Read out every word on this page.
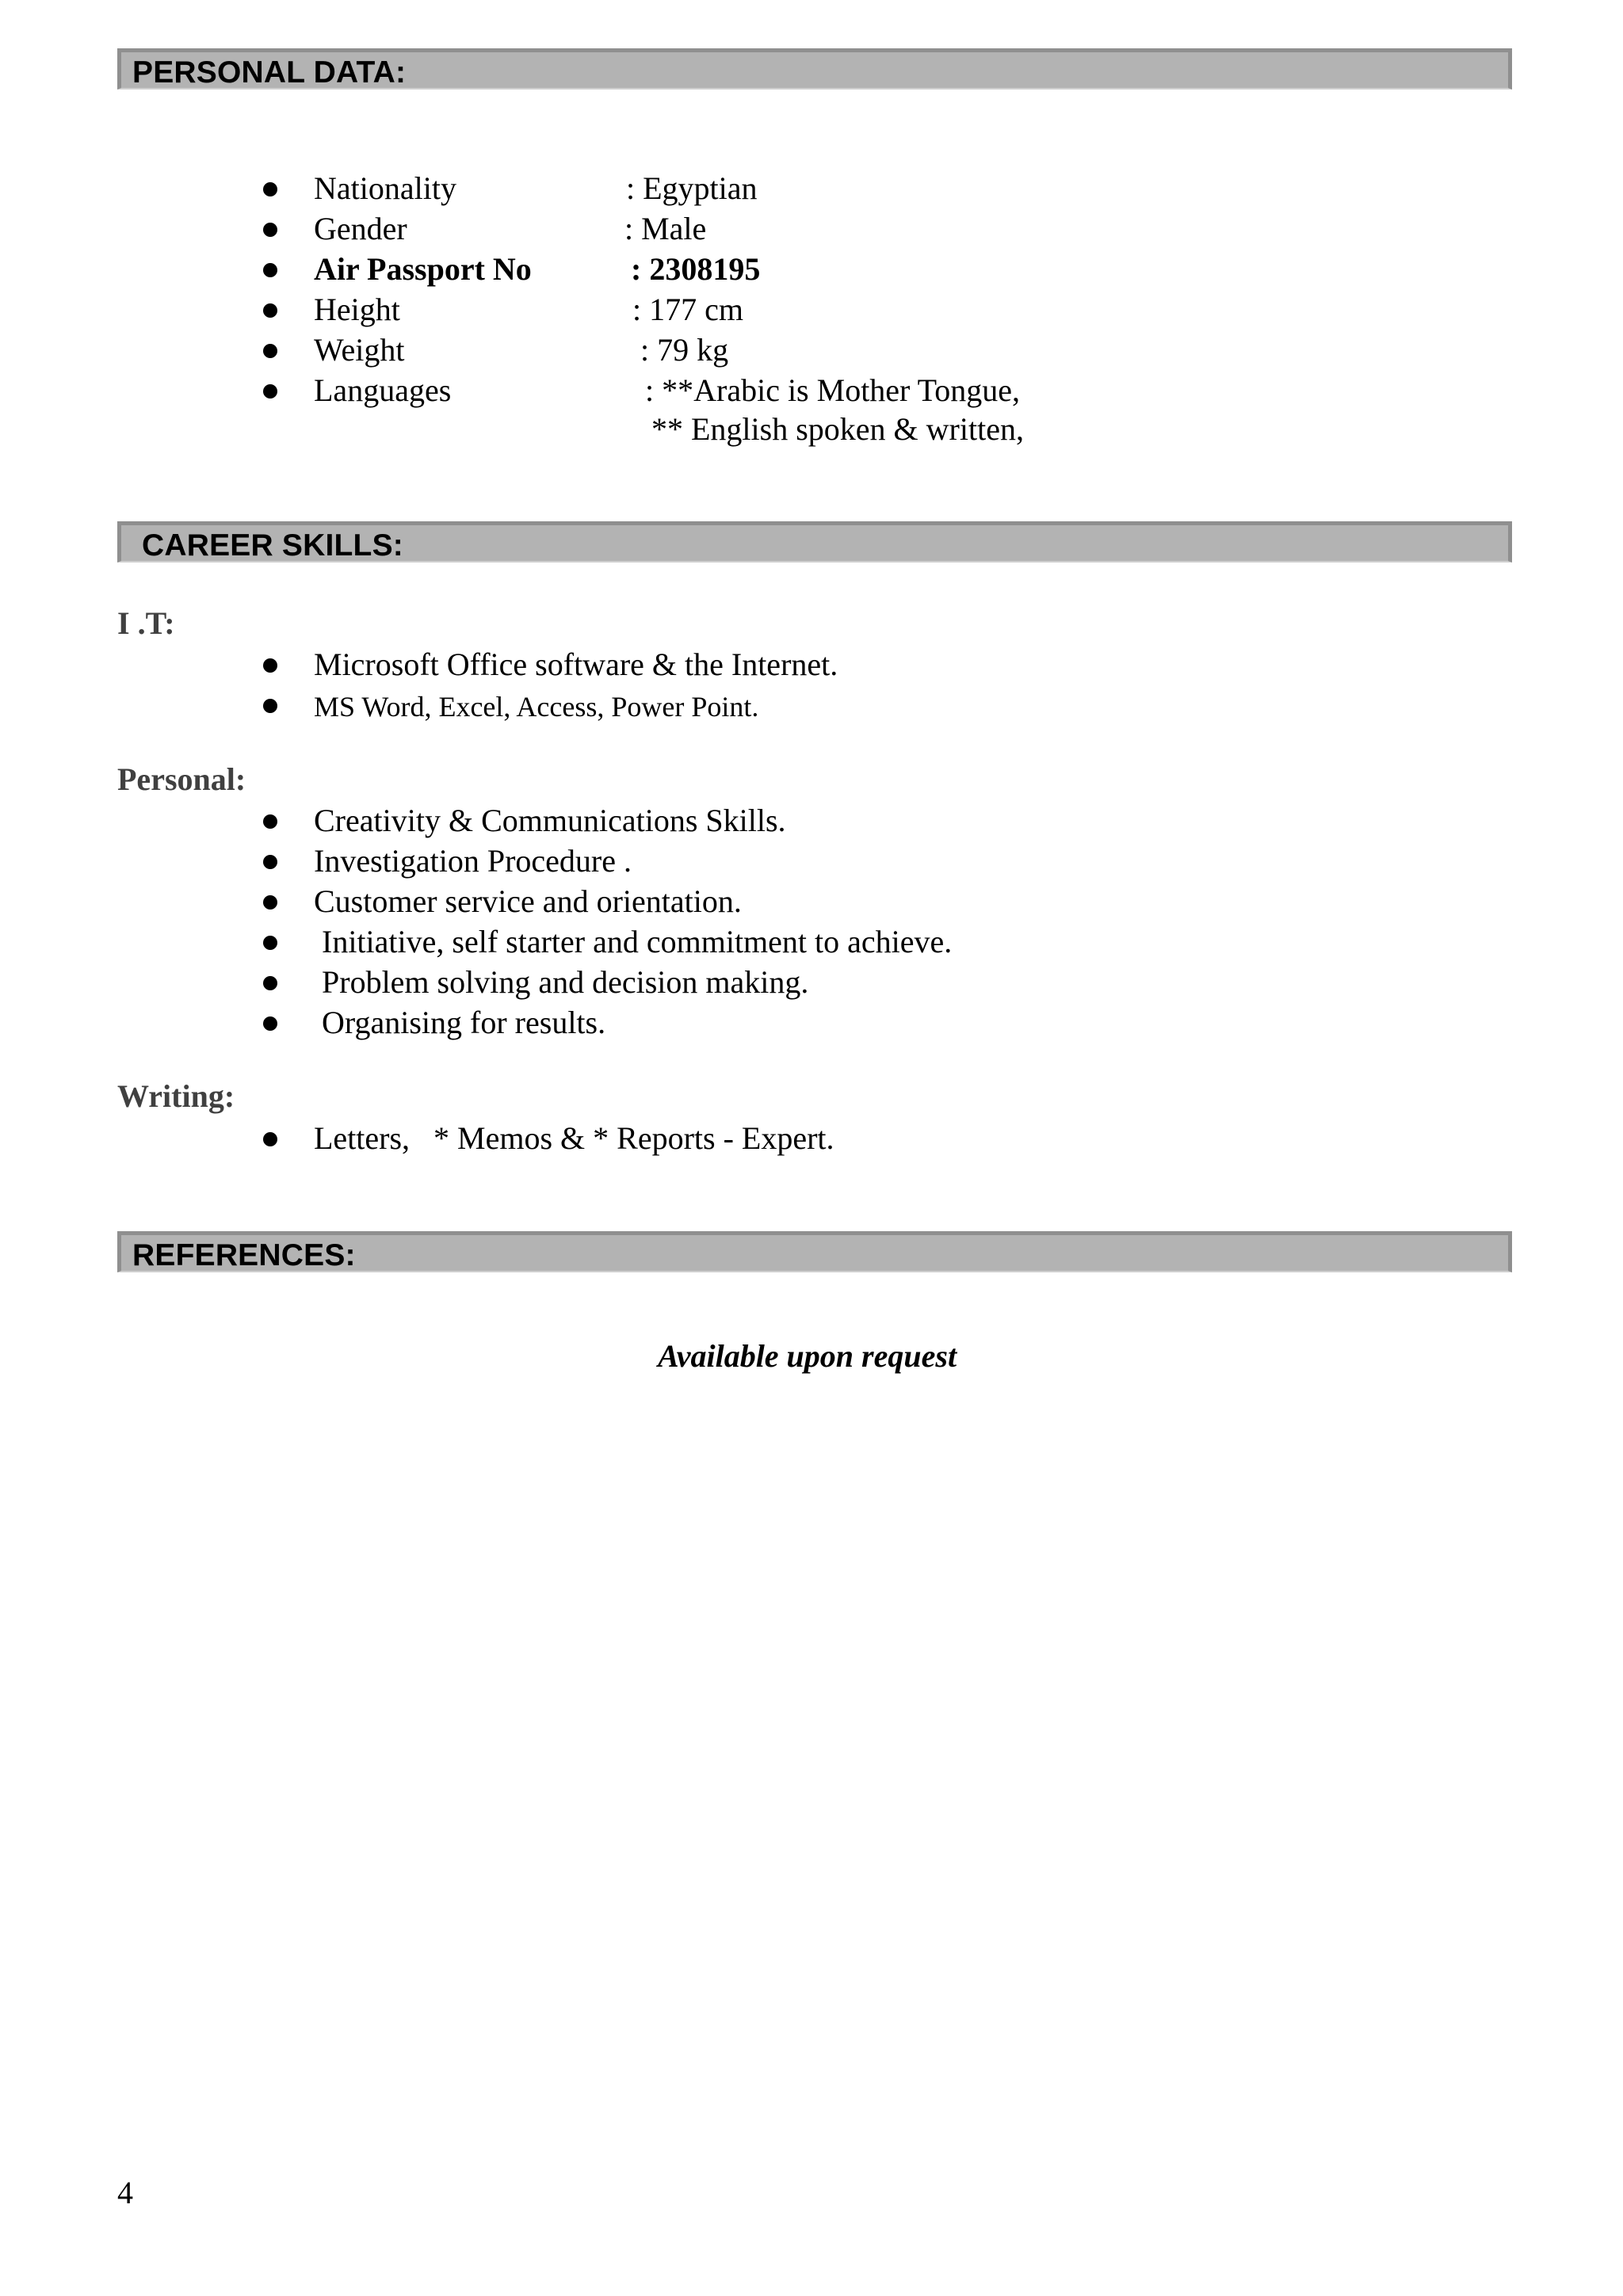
PERSONAL DATA:
Nationality	: Egyptian
Gender	: Male
Air Passport No	: 2308195
Height	: 177 cm
Weight	: 79 kg
Languages	: **Arabic is Mother Tongue,
** English spoken & written,
CAREER SKILLS:
I .T:
Microsoft Office software & the Internet.
MS Word, Excel, Access, Power Point.
Personal:
Creativity & Communications Skills.
Investigation Procedure .
Customer service and orientation.
Initiative, self starter and commitment to achieve.
Problem solving and decision making.
Organising for results.
Writing:
Letters,   * Memos & * Reports - Expert.
REFERENCES:
Available upon request
4
